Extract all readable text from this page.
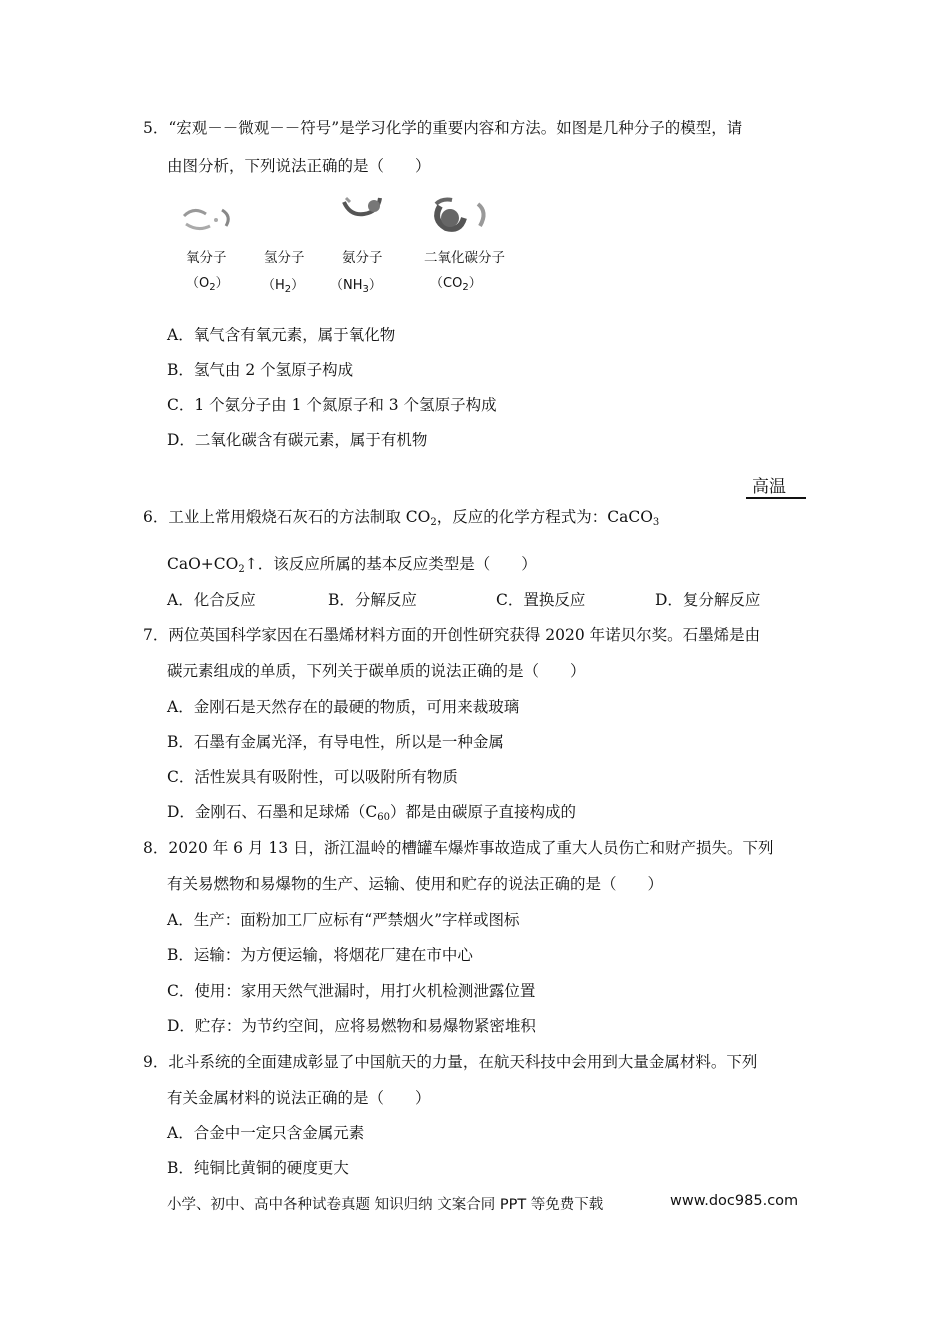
5．“宏观－－微观－－符号”是学习化学的重要内容和方法。如图是几种分子的模型，请
由图分析，下列说法正确的是（　　）
氧分子	氢分子	氨分子	二氧化碳分子
$(O_2)$	$(H_2)$ $(NH_3)$	$(CO_2)$
A．氧气含有氧元素，属于氧化物
B．氢气由 2 个氢原子构成
C．1 个氨分子由 1 个氮原子和 3 个氢原子构成
D．二氧化碳含有碳元素，属于有机物
高温
6．工业上常用煅烧石灰石的方法制取 $CO_2$，反应的化学方程式为：CaCO$_3$
$CaO+CO_2↑$．该反应所属的基本反应类型是（　　）
A．化合反应	B．分解反应	C．置换反应	D．复分解反应
7．两位英国科学家因在石墨烯材料方面的开创性研究获得 2020 年诺贝尔奖。石墨烯是由
碳元素组成的单质，下列关于碳单质的说法正确的是（　　）
A．金刚石是天然存在的最硬的物质，可用来裁玻璃
B．石墨有金属光泽，有导电性，所以是一种金属
C．活性炭具有吸附性，可以吸附所有物质
D．金刚石、石墨和足球烯$(C_{60})$都是由碳原子直接构成的
8．2020 年 6 月 13 日，浙江温岭的槽罐车爆炸事故造成了重大人员伤亡和财产损失。下列
有关易燃物和易爆物的生产、运输、使用和贮存的说法正确的是（　　）
A．生产：面粉加工厂应标有“严禁烟火”字样或图标
B．运输：为方便运输，将烟花厂建在市中心
C．使用：家用天然气泄漏时，用打火机检测泄露位置
D．贮存：为节约空间，应将易燃物和易爆物紧密堆积
9．北斗系统的全面建成彰显了中国航天的力量，在航天科技中会用到大量金属材料。下列
有关金属材料的说法正确的是（　　）
A．合金中一定只含金属元素
B．纯铜比黄铜的硬度更大
小学、初中、高中各种试卷真题 知识归纳 文案合同 PPT 等免费下载	www.doc985.com
